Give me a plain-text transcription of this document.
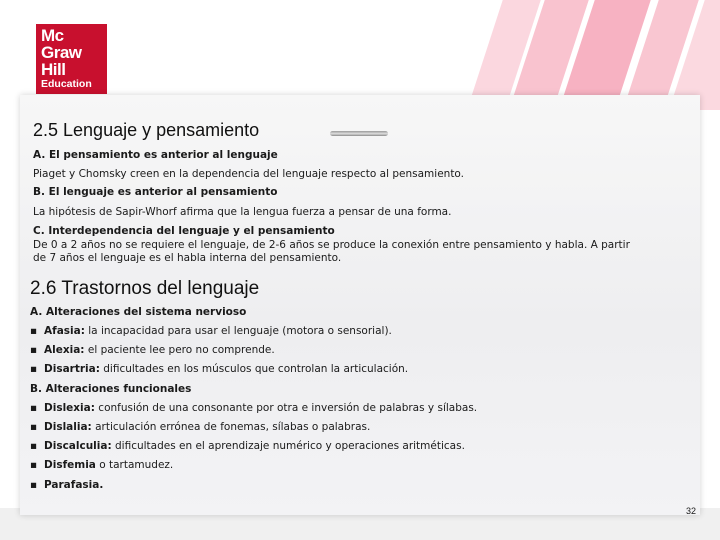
Mc
Graw
Hill
Education
2.5 Lenguaje y pensamiento
A. El pensamiento es anterior al lenguaje
Piaget y Chomsky creen en la dependencia del lenguaje respecto al pensamiento.
B. El lenguaje es anterior al pensamiento
La hipótesis de Sapir-Whorf afirma que la lengua fuerza a pensar de una forma.
C. Interdependencia del lenguaje y el pensamiento
De 0 a 2 años no se requiere el lenguaje, de 2-6 años se produce la conexión entre pensamiento y habla. A partir
de 7 años el lenguaje es el habla interna del pensamiento.
2.6 Trastornos del lenguaje
A. Alteraciones del sistema nervioso
▪ Afasia: la incapacidad para usar el lenguaje (motora o sensorial).
▪ Alexia: el paciente lee pero no comprende.
▪ Disartria: dificultades en los músculos que controlan la articulación.
B. Alteraciones funcionales
▪ Dislexia: confusión de una consonante por otra e inversión de palabras y sílabas.
▪ Dislalia: articulación errónea de fonemas, sílabas o palabras.
▪ Discalculia: dificultades en el aprendizaje numérico y operaciones aritméticas.
▪ Disfemia o tartamudez.
▪ Parafasia.
32
